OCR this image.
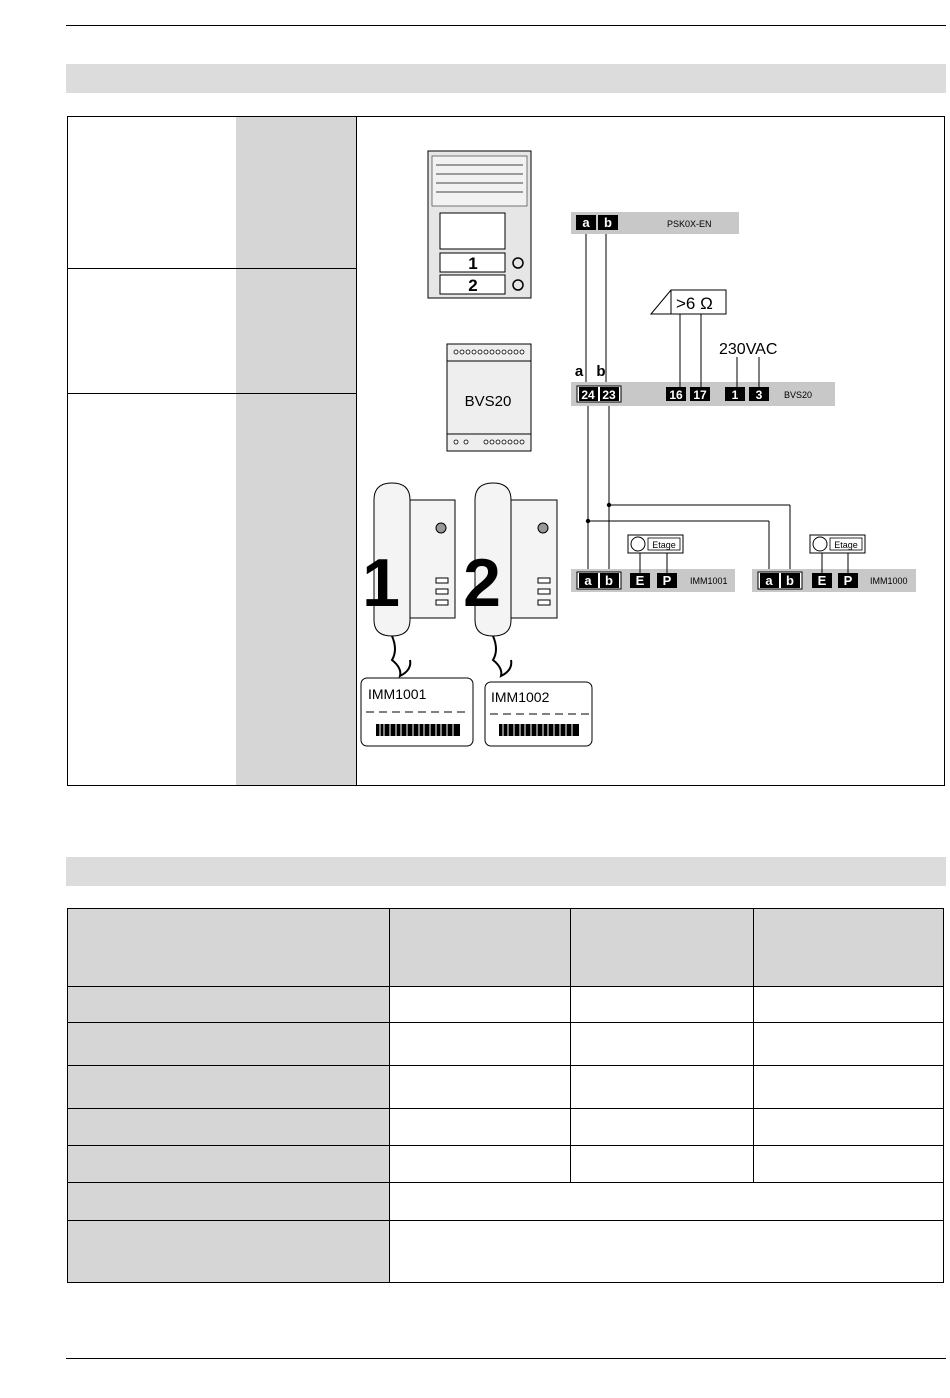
1
2
BVS20
1 2
IMM1001	IMM1002
a b	PSK0X-EN
a b
24 23	16 17 1 3 BVS20
>6 Ω
230VAC
a b E P IMM1001
Etage
a b E P IMM1000
Etage
